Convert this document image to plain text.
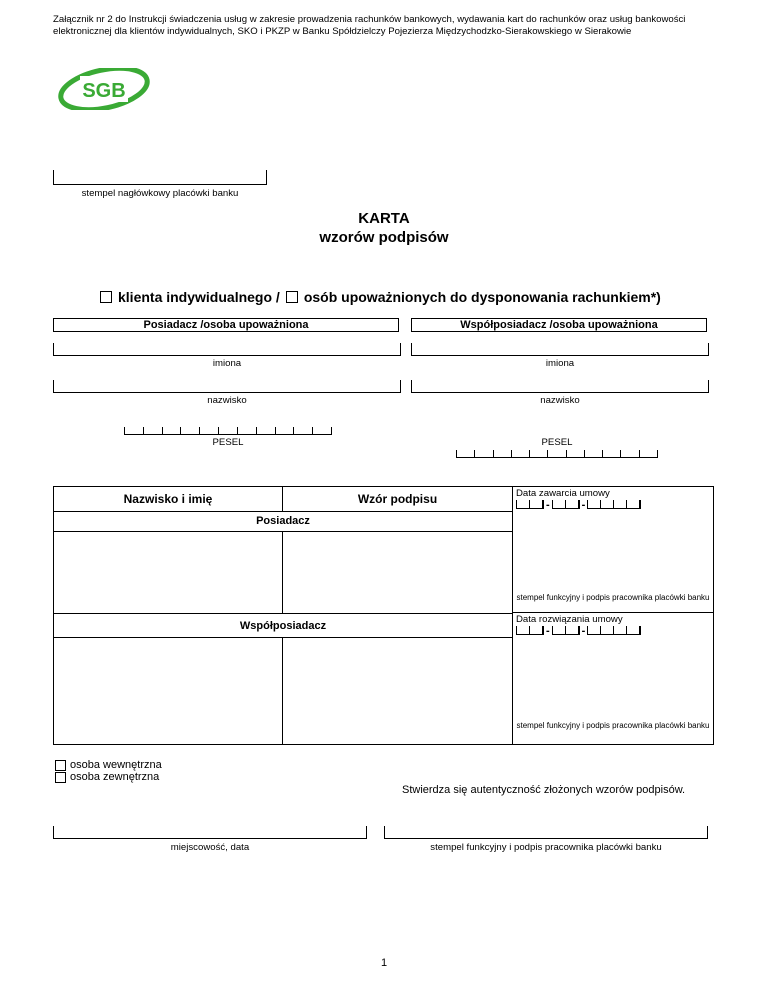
Załącznik nr 2 do Instrukcji świadczenia usług w zakresie prowadzenia rachunków bankowych, wydawania kart do rachunków oraz usług bankowości elektronicznej dla klientów indywidualnych, SKO i PKZP w Banku Spółdzielczy Pojezierza Międzychodzko-Sierakowskiego w Sierakowie
SGB
stempel nagłówkowy placówki banku
KARTA
wzorów podpisów
klienta indywidualnego / osób upoważnionych do dysponowania rachunkiem*)
Posiadacz /osoba upoważniona	Współposiadacz /osoba upoważniona
imiona	imiona
nazwisko	nazwisko
PESEL	PESEL
Nazwisko i imię	Wzór podpisu
Posiadacz
Współposiadacz
Data zawarcia umowy
-	-
stempel funkcyjny i podpis pracownika placówki banku
Data rozwiązania umowy
-	-
stempel funkcyjny i podpis pracownika placówki banku
osoba wewnętrzna
osoba zewnętrzna
Stwierdza się autentyczność złożonych wzorów podpisów.
miejscowość, data	stempel funkcyjny i podpis pracownika placówki banku
1
